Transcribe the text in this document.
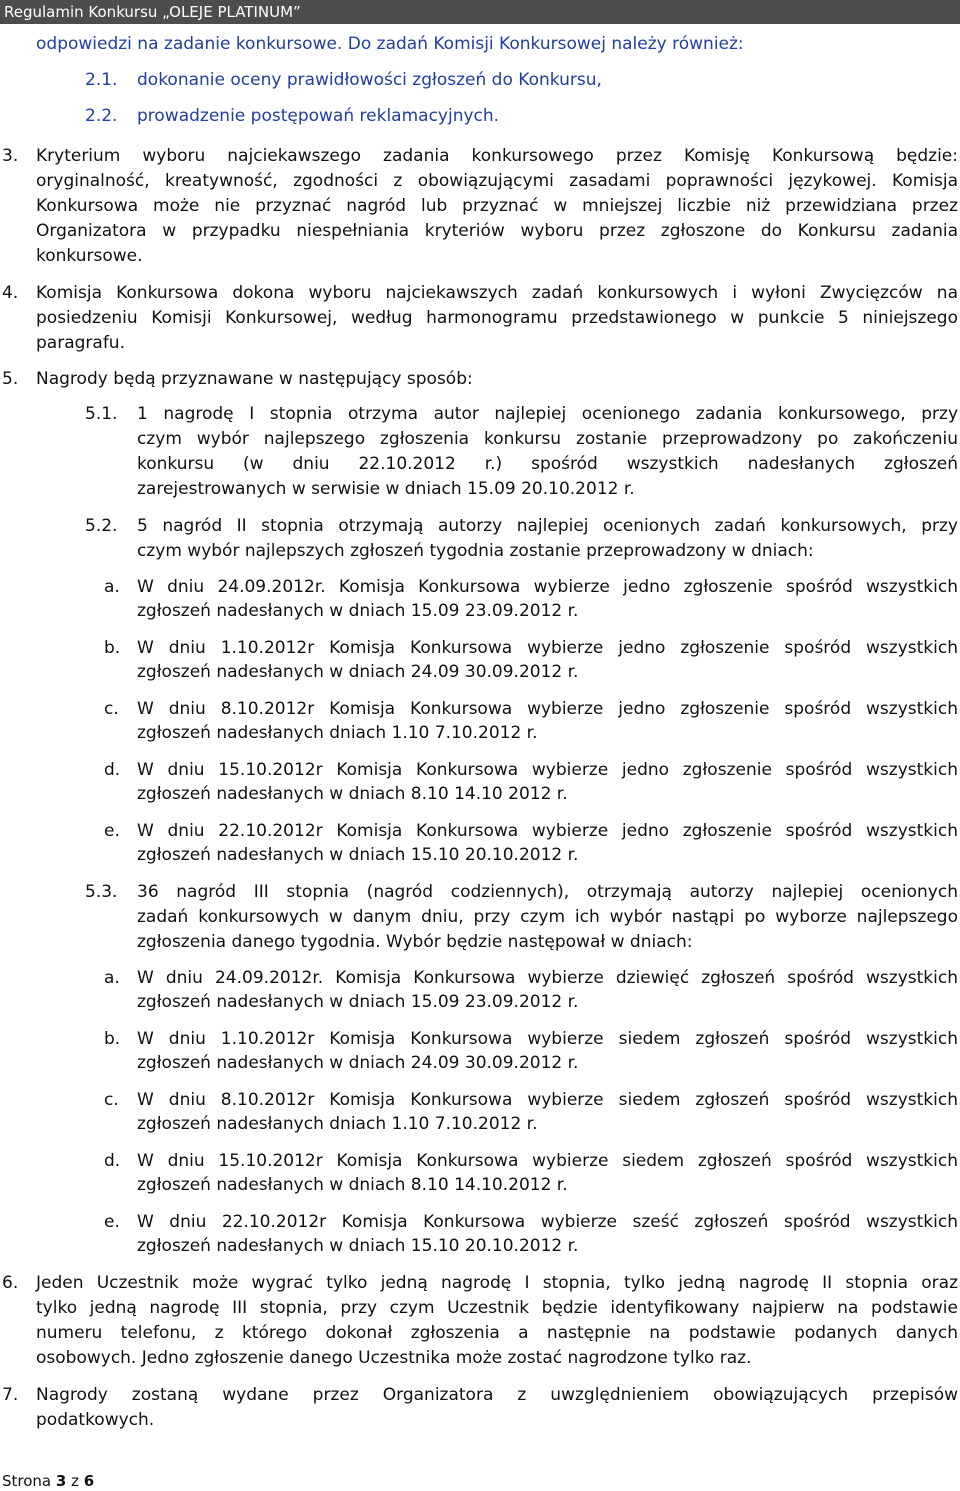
Regulamin Konkursu „OLEJE PLATINUM”
odpowiedzi na zadanie konkursowe. Do zadań Komisji Konkursowej należy również:
2.1. dokonanie oceny prawidłowości zgłoszeń do Konkursu,
2.2. prowadzenie postępowań reklamacyjnych.
3. Kryterium wyboru najciekawszego zadania konkursowego przez Komisję Konkursową będzie:
oryginalność, kreatywność, zgodności z obowiązującymi zasadami poprawności językowej. Komisja
Konkursowa może nie przyznać nagród lub przyznać w mniejszej liczbie niż przewidziana przez
Organizatora w przypadku niespełniania kryteriów wyboru przez zgłoszone do Konkursu zadania
konkursowe.
4. Komisja Konkursowa dokona wyboru najciekawszych zadań konkursowych i wyłoni Zwycięzców na
posiedzeniu Komisji Konkursowej, według harmonogramu przedstawionego w punkcie 5 niniejszego
paragrafu.
5. Nagrody będą przyznawane w następujący sposób:
5.1. 1 nagrodę I stopnia otrzyma autor najlepiej ocenionego zadania konkursowego, przy
czym wybór najlepszego zgłoszenia konkursu zostanie przeprowadzony po zakończeniu
konkursu (w dniu 22.10.2012 r.) spośród wszystkich nadesłanych zgłoszeń
zarejestrowanych w serwisie w dniach 15.09 20.10.2012 r.
5.2. 5 nagród II stopnia otrzymają autorzy najlepiej ocenionych zadań konkursowych, przy
czym wybór najlepszych zgłoszeń tygodnia zostanie przeprowadzony w dniach:
a. W dniu 24.09.2012r. Komisja Konkursowa wybierze jedno zgłoszenie spośród wszystkich
zgłoszeń nadesłanych w dniach 15.09 23.09.2012 r.
b. W dniu 1.10.2012r Komisja Konkursowa wybierze jedno zgłoszenie spośród wszystkich
zgłoszeń nadesłanych w dniach 24.09 30.09.2012 r.
c. W dniu 8.10.2012r Komisja Konkursowa wybierze jedno zgłoszenie spośród wszystkich
zgłoszeń nadesłanych dniach 1.10 7.10.2012 r.
d. W dniu 15.10.2012r Komisja Konkursowa wybierze jedno zgłoszenie spośród wszystkich
zgłoszeń nadesłanych w dniach 8.10 14.10 2012 r.
e. W dniu 22.10.2012r Komisja Konkursowa wybierze jedno zgłoszenie spośród wszystkich
zgłoszeń nadesłanych w dniach 15.10 20.10.2012 r.
5.3. 36 nagród III stopnia (nagród codziennych), otrzymają autorzy najlepiej ocenionych
zadań konkursowych w danym dniu, przy czym ich wybór nastąpi po wyborze najlepszego
zgłoszenia danego tygodnia. Wybór będzie następował w dniach:
a. W dniu 24.09.2012r. Komisja Konkursowa wybierze dziewięć zgłoszeń spośród wszystkich
zgłoszeń nadesłanych w dniach 15.09 23.09.2012 r.
b. W dniu 1.10.2012r Komisja Konkursowa wybierze siedem zgłoszeń spośród wszystkich
zgłoszeń nadesłanych w dniach 24.09 30.09.2012 r.
c. W dniu 8.10.2012r Komisja Konkursowa wybierze siedem zgłoszeń spośród wszystkich
zgłoszeń nadesłanych dniach 1.10 7.10.2012 r.
d. W dniu 15.10.2012r Komisja Konkursowa wybierze siedem zgłoszeń spośród wszystkich
zgłoszeń nadesłanych w dniach 8.10 14.10.2012 r.
e. W dniu 22.10.2012r Komisja Konkursowa wybierze sześć zgłoszeń spośród wszystkich
zgłoszeń nadesłanych w dniach 15.10 20.10.2012 r.
6. Jeden Uczestnik może wygrać tylko jedną nagrodę I stopnia, tylko jedną nagrodę II stopnia oraz
tylko jedną nagrodę III stopnia, przy czym Uczestnik będzie identyfikowany najpierw na podstawie
numeru telefonu, z którego dokonał zgłoszenia a następnie na podstawie podanych danych
osobowych. Jedno zgłoszenie danego Uczestnika może zostać nagrodzone tylko raz.
7. Nagrody zostaną wydane przez Organizatora z uwzględnieniem obowiązujących przepisów
podatkowych.
Strona 3 z 6
